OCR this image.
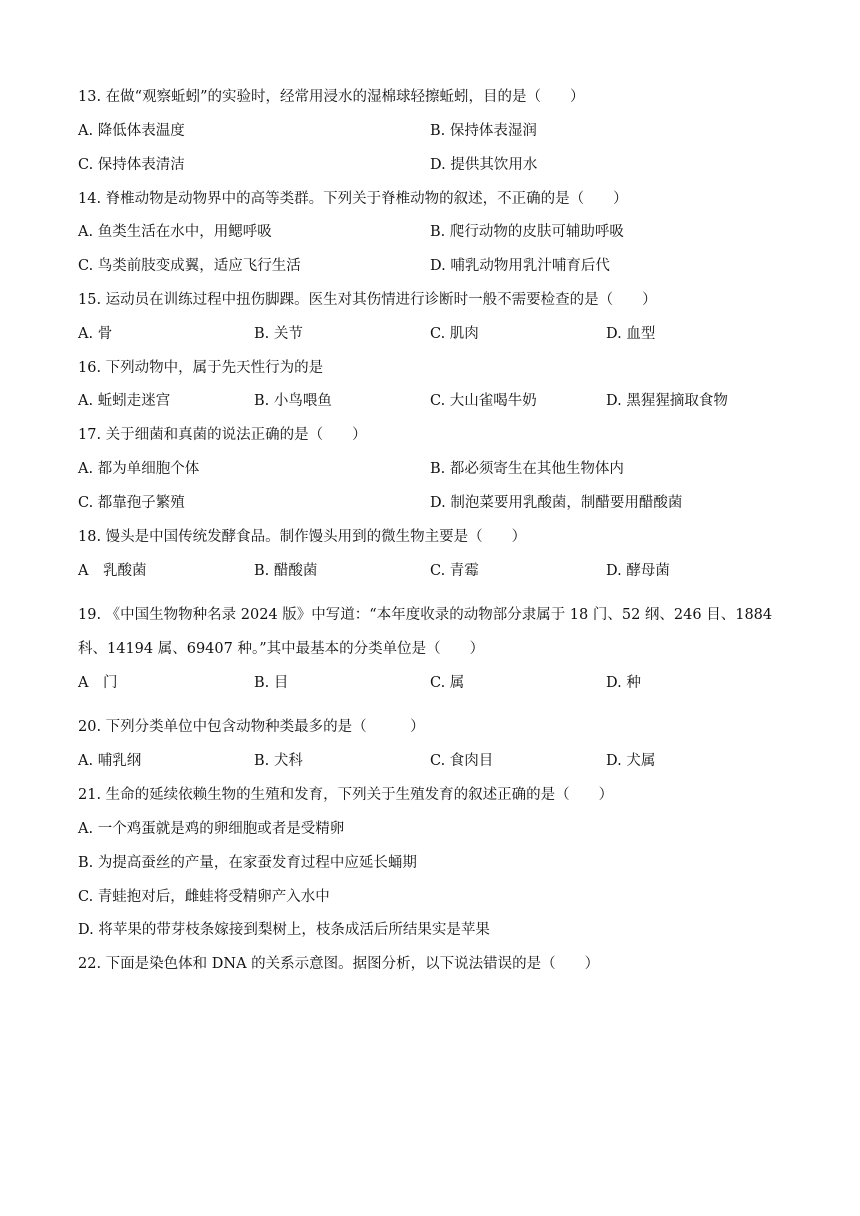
13. 在做“观察蚯蚓”的实验时，经常用浸水的湿棉球轻擦蚯蚓，目的是（　　）
A. 降低体表温度	B. 保持体表湿润
C. 保持体表清洁	D. 提供其饮用水
14. 脊椎动物是动物界中的高等类群。下列关于脊椎动物的叙述，不正确的是（　　）
A. 鱼类生活在水中，用鳃呼吸	B. 爬行动物的皮肤可辅助呼吸
C. 鸟类前肢变成翼，适应飞行生活	D. 哺乳动物用乳汁哺育后代
15. 运动员在训练过程中扭伤脚踝。医生对其伤情进行诊断时一般不需要检查的是（　　）
A. 骨	B. 关节	C. 肌肉	D. 血型
16. 下列动物中，属于先天性行为的是
A. 蚯蚓走迷宫	B. 小鸟喂鱼	C. 大山雀喝牛奶	D. 黑猩猩摘取食物
17. 关于细菌和真菌的说法正确的是（　　）
A. 都为单细胞个体	B. 都必须寄生在其他生物体内
C. 都靠孢子繁殖	D. 制泡菜要用乳酸菌，制醋要用醋酸菌
18. 馒头是中国传统发酵食品。制作馒头用到的微生物主要是（　　）
A　乳酸菌	B. 醋酸菌	C. 青霉	D. 酵母菌
19. 《中国生物物种名录 2024 版》中写道：“本年度收录的动物部分隶属于 18 门、52 纲、246 目、1884
科、14194 属、69407 种。”其中最基本的分类单位是（　　）
A　门	B. 目	C. 属	D. 种
20. 下列分类单位中包含动物种类最多的是（　　　）
A. 哺乳纲	B. 犬科	C. 食肉目	D. 犬属
21. 生命的延续依赖生物的生殖和发育，下列关于生殖发育的叙述正确的是（　　）
A. 一个鸡蛋就是鸡的卵细胞或者是受精卵
B. 为提高蚕丝的产量，在家蚕发育过程中应延长蛹期
C. 青蛙抱对后，雌蛙将受精卵产入水中
D. 将苹果的带芽枝条嫁接到梨树上，枝条成活后所结果实是苹果
22. 下面是染色体和 DNA 的关系示意图。据图分析，以下说法错误的是（　　）
